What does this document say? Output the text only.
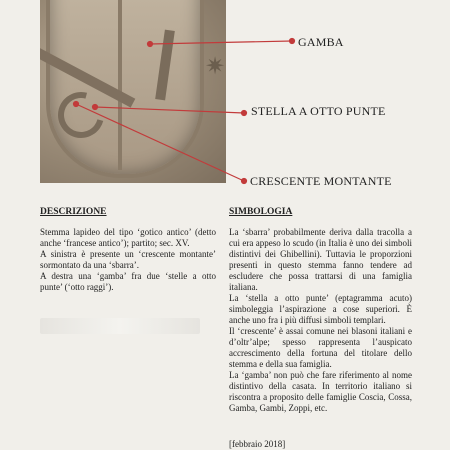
✷
GAMBA
STELLA A OTTO PUNTE
CRESCENTE MONTANTE
DESCRIZIONE

Stemma lapideo del tipo ‘gotico antico’ (detto anche ‘francese antico’); partito; sec. XV.

A sinistra è presente un ‘crescente montante’ sormontato da una ‘sbarra’.

A destra una ‘gamba’ fra due ‘stelle a otto punte’ (‘otto raggi’).

SIMBOLOGIA

La ‘sbarra’ probabilmente deriva dalla tracolla a cui era appeso lo scudo (in Italia è uno dei simboli distintivi dei Ghibellini). Tuttavia le proporzioni presenti in questo stemma fanno tendere ad escludere che possa trattarsi di una famiglia italiana.

La ‘stella a otto punte’ (eptagramma acuto) simboleggia l’aspirazione a cose superiori. È anche uno fra i più diffusi simboli templari.

Il ‘crescente’ è assai comune nei blasoni italiani e d’oltr’alpe; spesso rappresenta l’auspicato accrescimento della fortuna del titolare dello stemma e della sua famiglia.

La ‘gamba’ non può che fare riferimento al nome distintivo della casata. In territorio italiano si riscontra a proposito delle famiglie Coscia, Cossa, Gamba, Gambi, Zoppi, etc.

[febbraio 2018]
